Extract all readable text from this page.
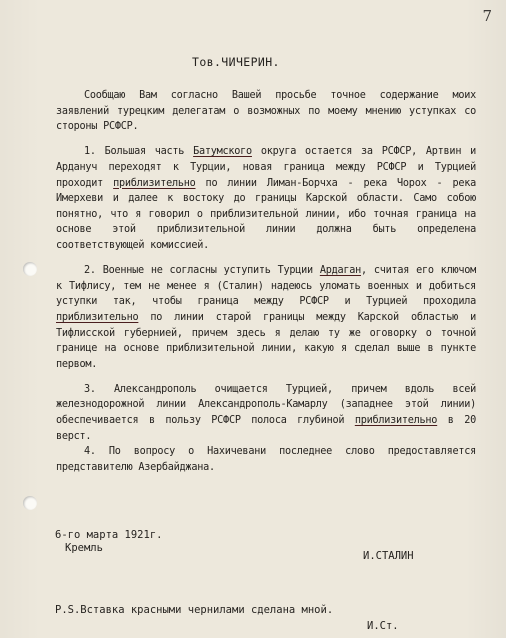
7
Тов.ЧИЧЕРИН.

Сообщаю Вам согласно Вашей просьбе точное содержание моих заявлений турецким делегатам о возможных по моему мнению уступках со стороны РСФСР.

1. Большая часть Батумского округа остается за РСФСР, Артвин и Ардануч переходят к Турции, новая граница между РСФСР и Турцией проходит приблизительно по линии Лиман-Борчха - река Чорох - река Имерхеви и далее к востоку до границы Карской области. Само собою понятно, что я говорил о приблизительной линии, ибо точная граница на основе этой приблизительной линии должна быть определена соответствующей комиссией.

2. Военные не согласны уступить Турции Ардаган, считая его ключом к Тифлису, тем не менее я (Сталин) надеюсь уломать военных и добиться уступки так, чтобы граница между РСФСР и Турцией проходила приблизительно по линии старой границы между Карской областью и Тифлисской губернией, причем здесь я делаю ту же оговорку о точной границе на основе приблизительной линии, какую я сделал выше в пункте первом.

3. Александрополь очищается Турцией, причем вдоль всей железнодорожной линии Александрополь-Камарлу (западнее этой линии) обеспечивается в пользу РСФСР полоса глубиной приблизительно в 20 верст.

4. По вопросу о Нахичевани последнее слово предоставляется представителю Азербайджана.

6-го марта 1921г.
Кремль
И.СТАЛИН
Р.S.Вставка красными чернилами сделана мной.
И.Ст.
